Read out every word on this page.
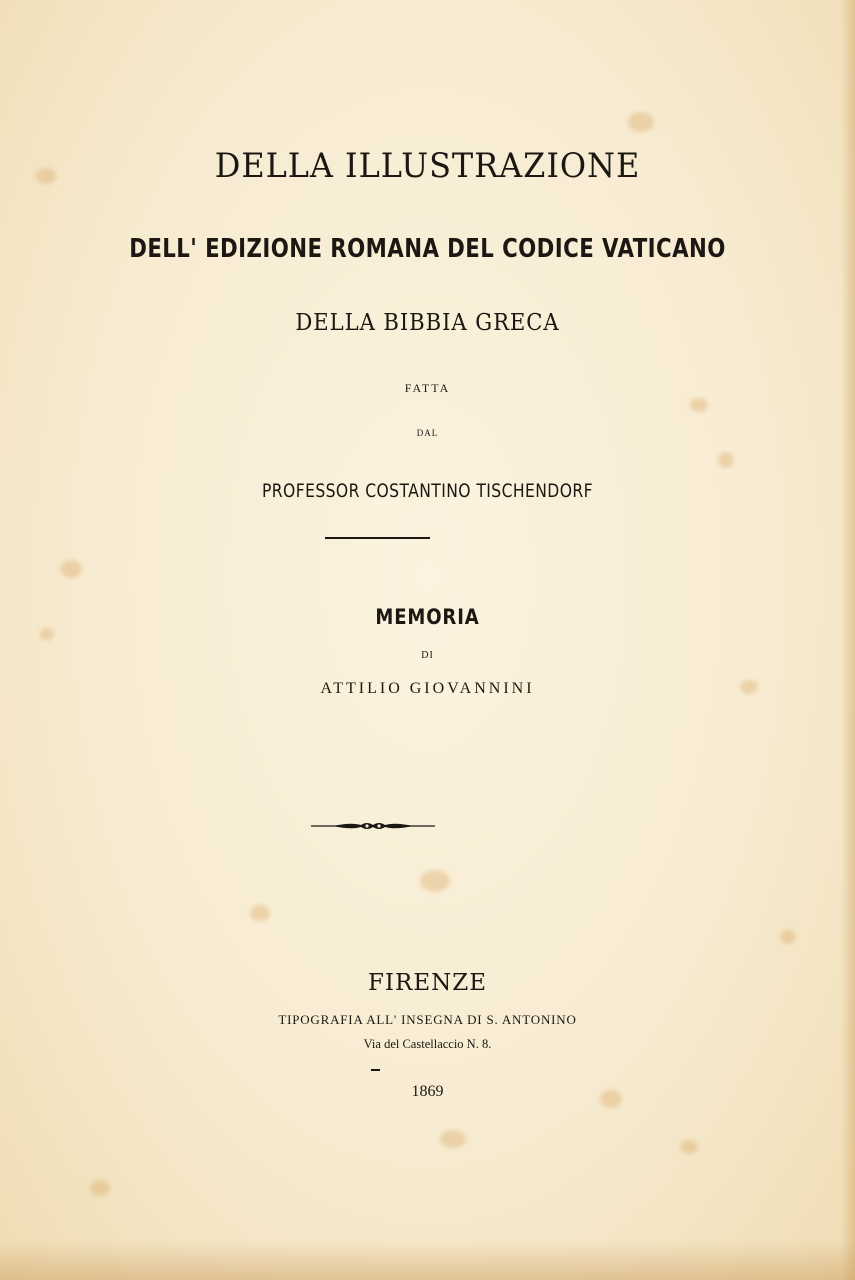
DELLA ILLUSTRAZIONE
DELL' EDIZIONE ROMANA DEL CODICE VATICANO
DELLA BIBBIA GRECA
FATTA
DAL
PROFESSOR COSTANTINO TISCHENDORF
MEMORIA
DI
ATTILIO GIOVANNINI
FIRENZE
TIPOGRAFIA ALL' INSEGNA DI S. ANTONINO
Via del Castellaccio N. 8.
1869
